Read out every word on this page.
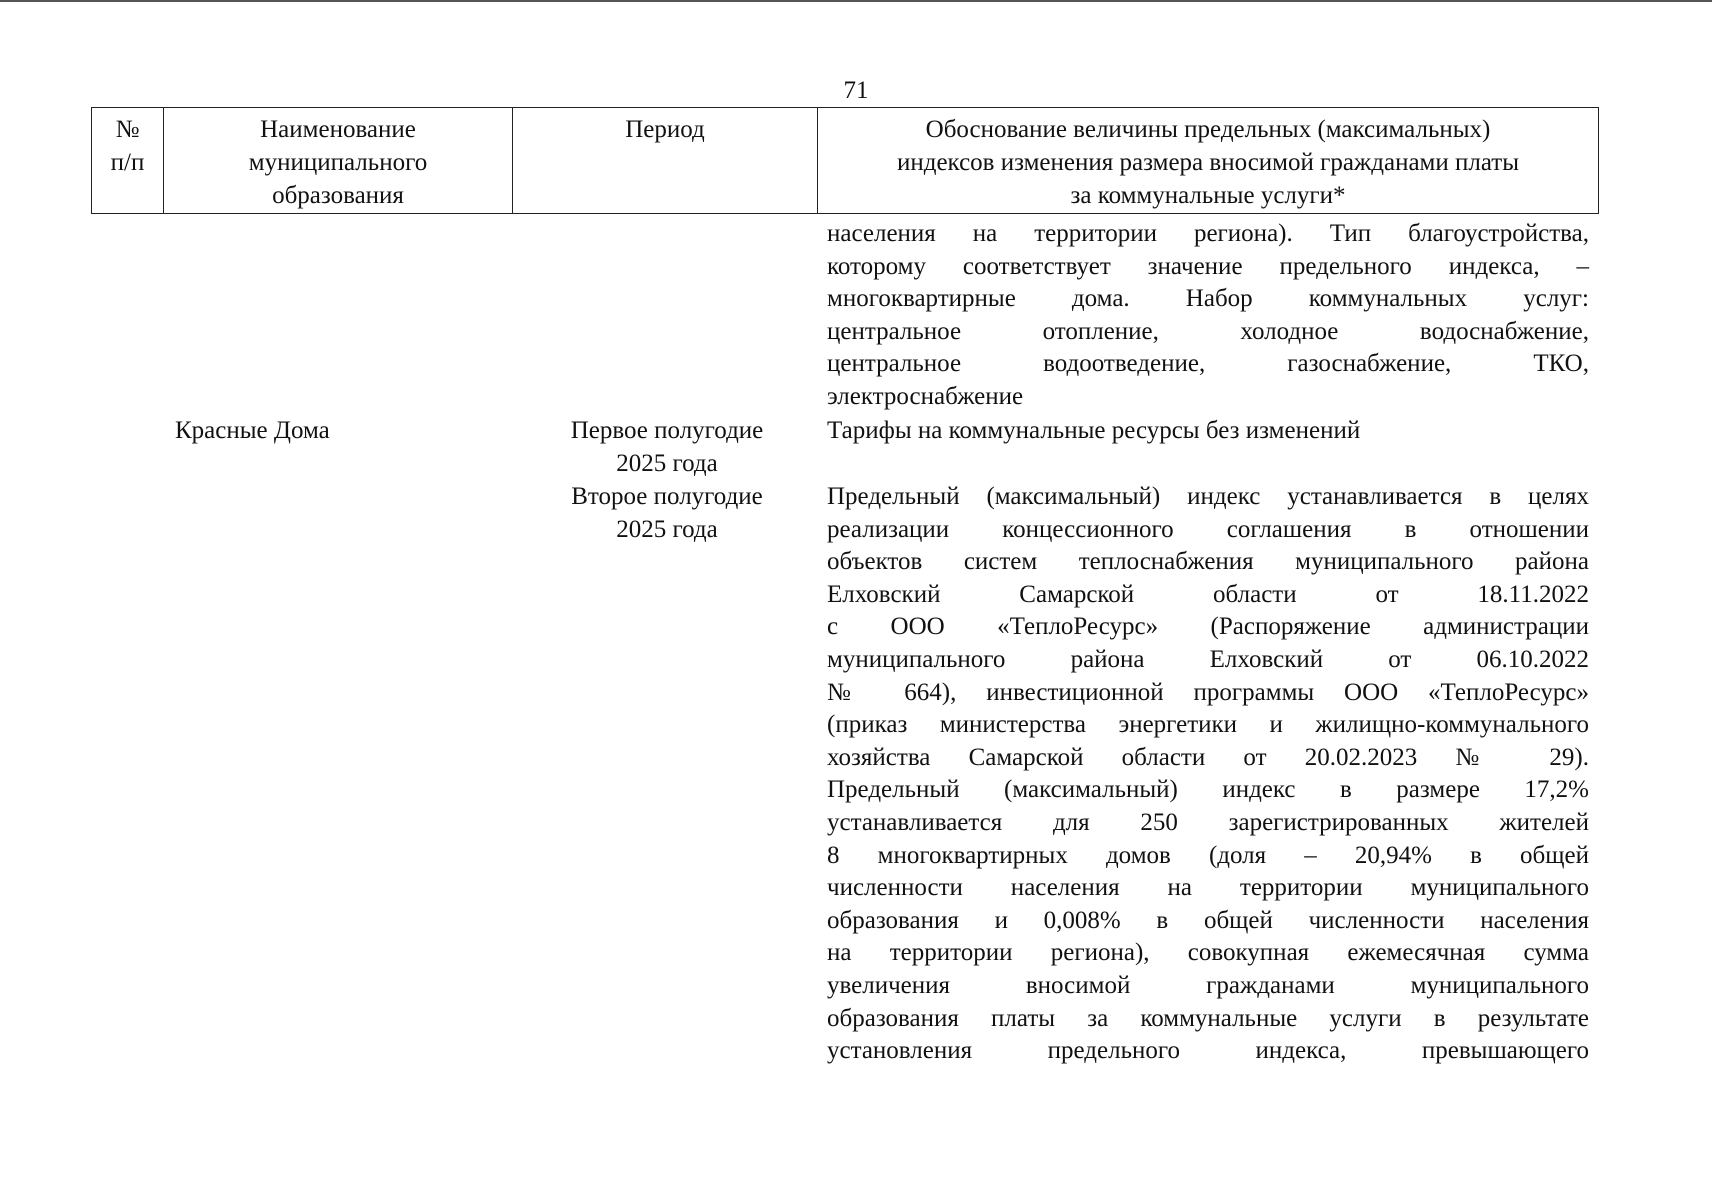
71
№
п/п
Наименование
муниципального
образования
Период	Обоснование величины предельных (максимальных)
индексов изменения размера вносимой гражданами платы
за коммунальные услуги*
населения на территории региона). Тип благоустройства,
которому соответствует значение предельного индекса, –
многоквартирные дома. Набор коммунальных услуг:
центральное отопление, холодное водоснабжение,
центральное водоотведение, газоснабжение, ТКО,
электроснабжение
Красные Дома	Первое полугодие
2025 года
Тарифы на коммунальные ресурсы без изменений
Второе полугодие
2025 года
Предельный (максимальный) индекс устанавливается в целях
реализации концессионного соглашения в отношении
объектов систем теплоснабжения муниципального района
Елховский Самарской области от 18.11.2022
с ООО «ТеплоРесурс» (Распоряжение администрации
муниципального района Елховский от 06.10.2022
№ 664), инвестиционной программы ООО «ТеплоРесурс»
(приказ министерства энергетики и жилищно-коммунального
хозяйства Самарской области от 20.02.2023 № 29).
Предельный (максимальный) индекс в размере 17,2%
устанавливается для 250 зарегистрированных жителей
8 многоквартирных домов (доля – 20,94% в общей
численности населения на территории муниципального
образования и 0,008% в общей численности населения
на территории региона), совокупная ежемесячная сумма
увеличения вносимой гражданами муниципального
образования платы за коммунальные услуги в результате
установления предельного индекса, превышающего
